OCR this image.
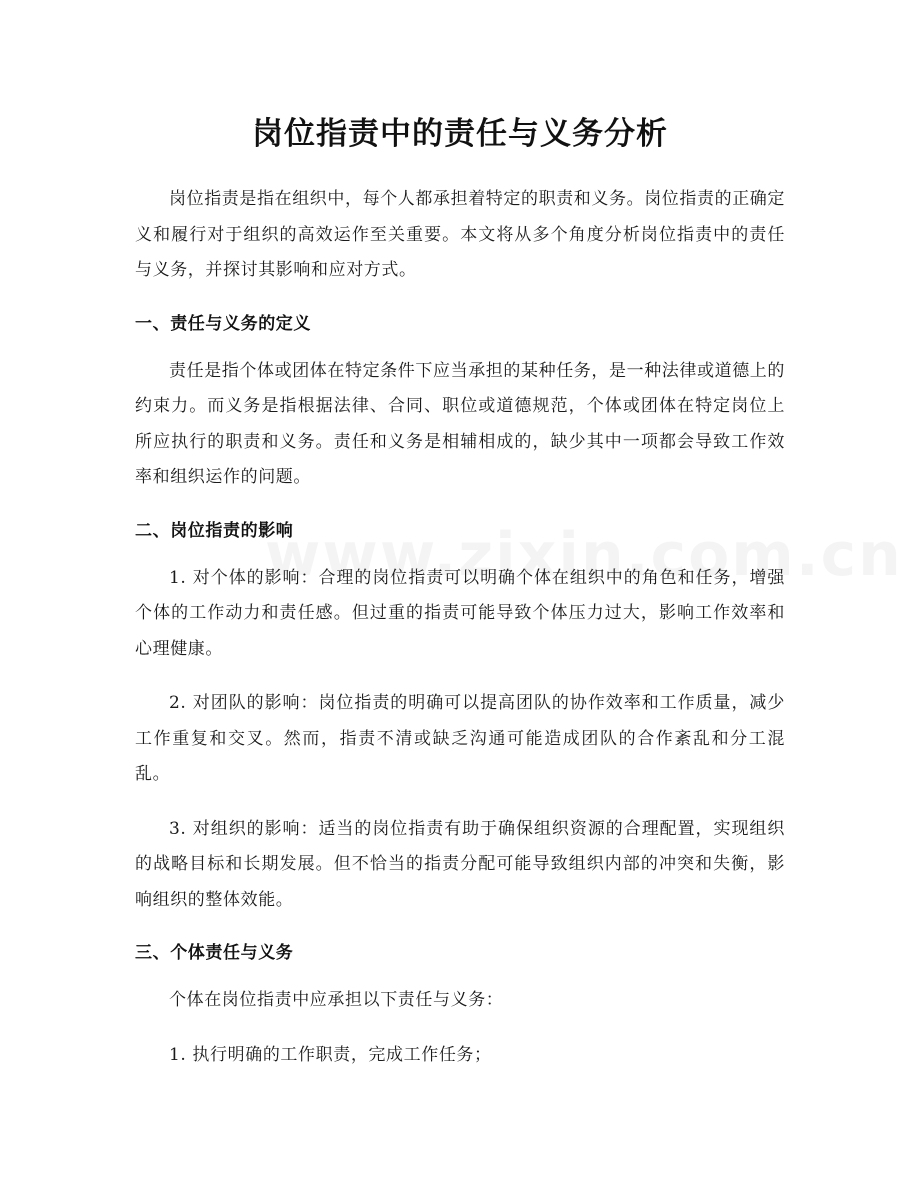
岗位指责中的责任与义务分析

岗位指责是指在组织中，每个人都承担着特定的职责和义务。岗位指责的正确定义和履行对于组织的高效运作至关重要。本文将从多个角度分析岗位指责中的责任与义务，并探讨其影响和应对方式。

一、责任与义务的定义

责任是指个体或团体在特定条件下应当承担的某种任务，是一种法律或道德上的约束力。而义务是指根据法律、合同、职位或道德规范，个体或团体在特定岗位上所应执行的职责和义务。责任和义务是相辅相成的，缺少其中一项都会导致工作效率和组织运作的问题。

二、岗位指责的影响

1. 对个体的影响：合理的岗位指责可以明确个体在组织中的角色和任务，增强个体的工作动力和责任感。但过重的指责可能导致个体压力过大，影响工作效率和心理健康。

2. 对团队的影响：岗位指责的明确可以提高团队的协作效率和工作质量，减少工作重复和交叉。然而，指责不清或缺乏沟通可能造成团队的合作紊乱和分工混乱。

3. 对组织的影响：适当的岗位指责有助于确保组织资源的合理配置，实现组织的战略目标和长期发展。但不恰当的指责分配可能导致组织内部的冲突和失衡，影响组织的整体效能。

三、个体责任与义务

个体在岗位指责中应承担以下责任与义务：

1. 执行明确的工作职责，完成工作任务；
